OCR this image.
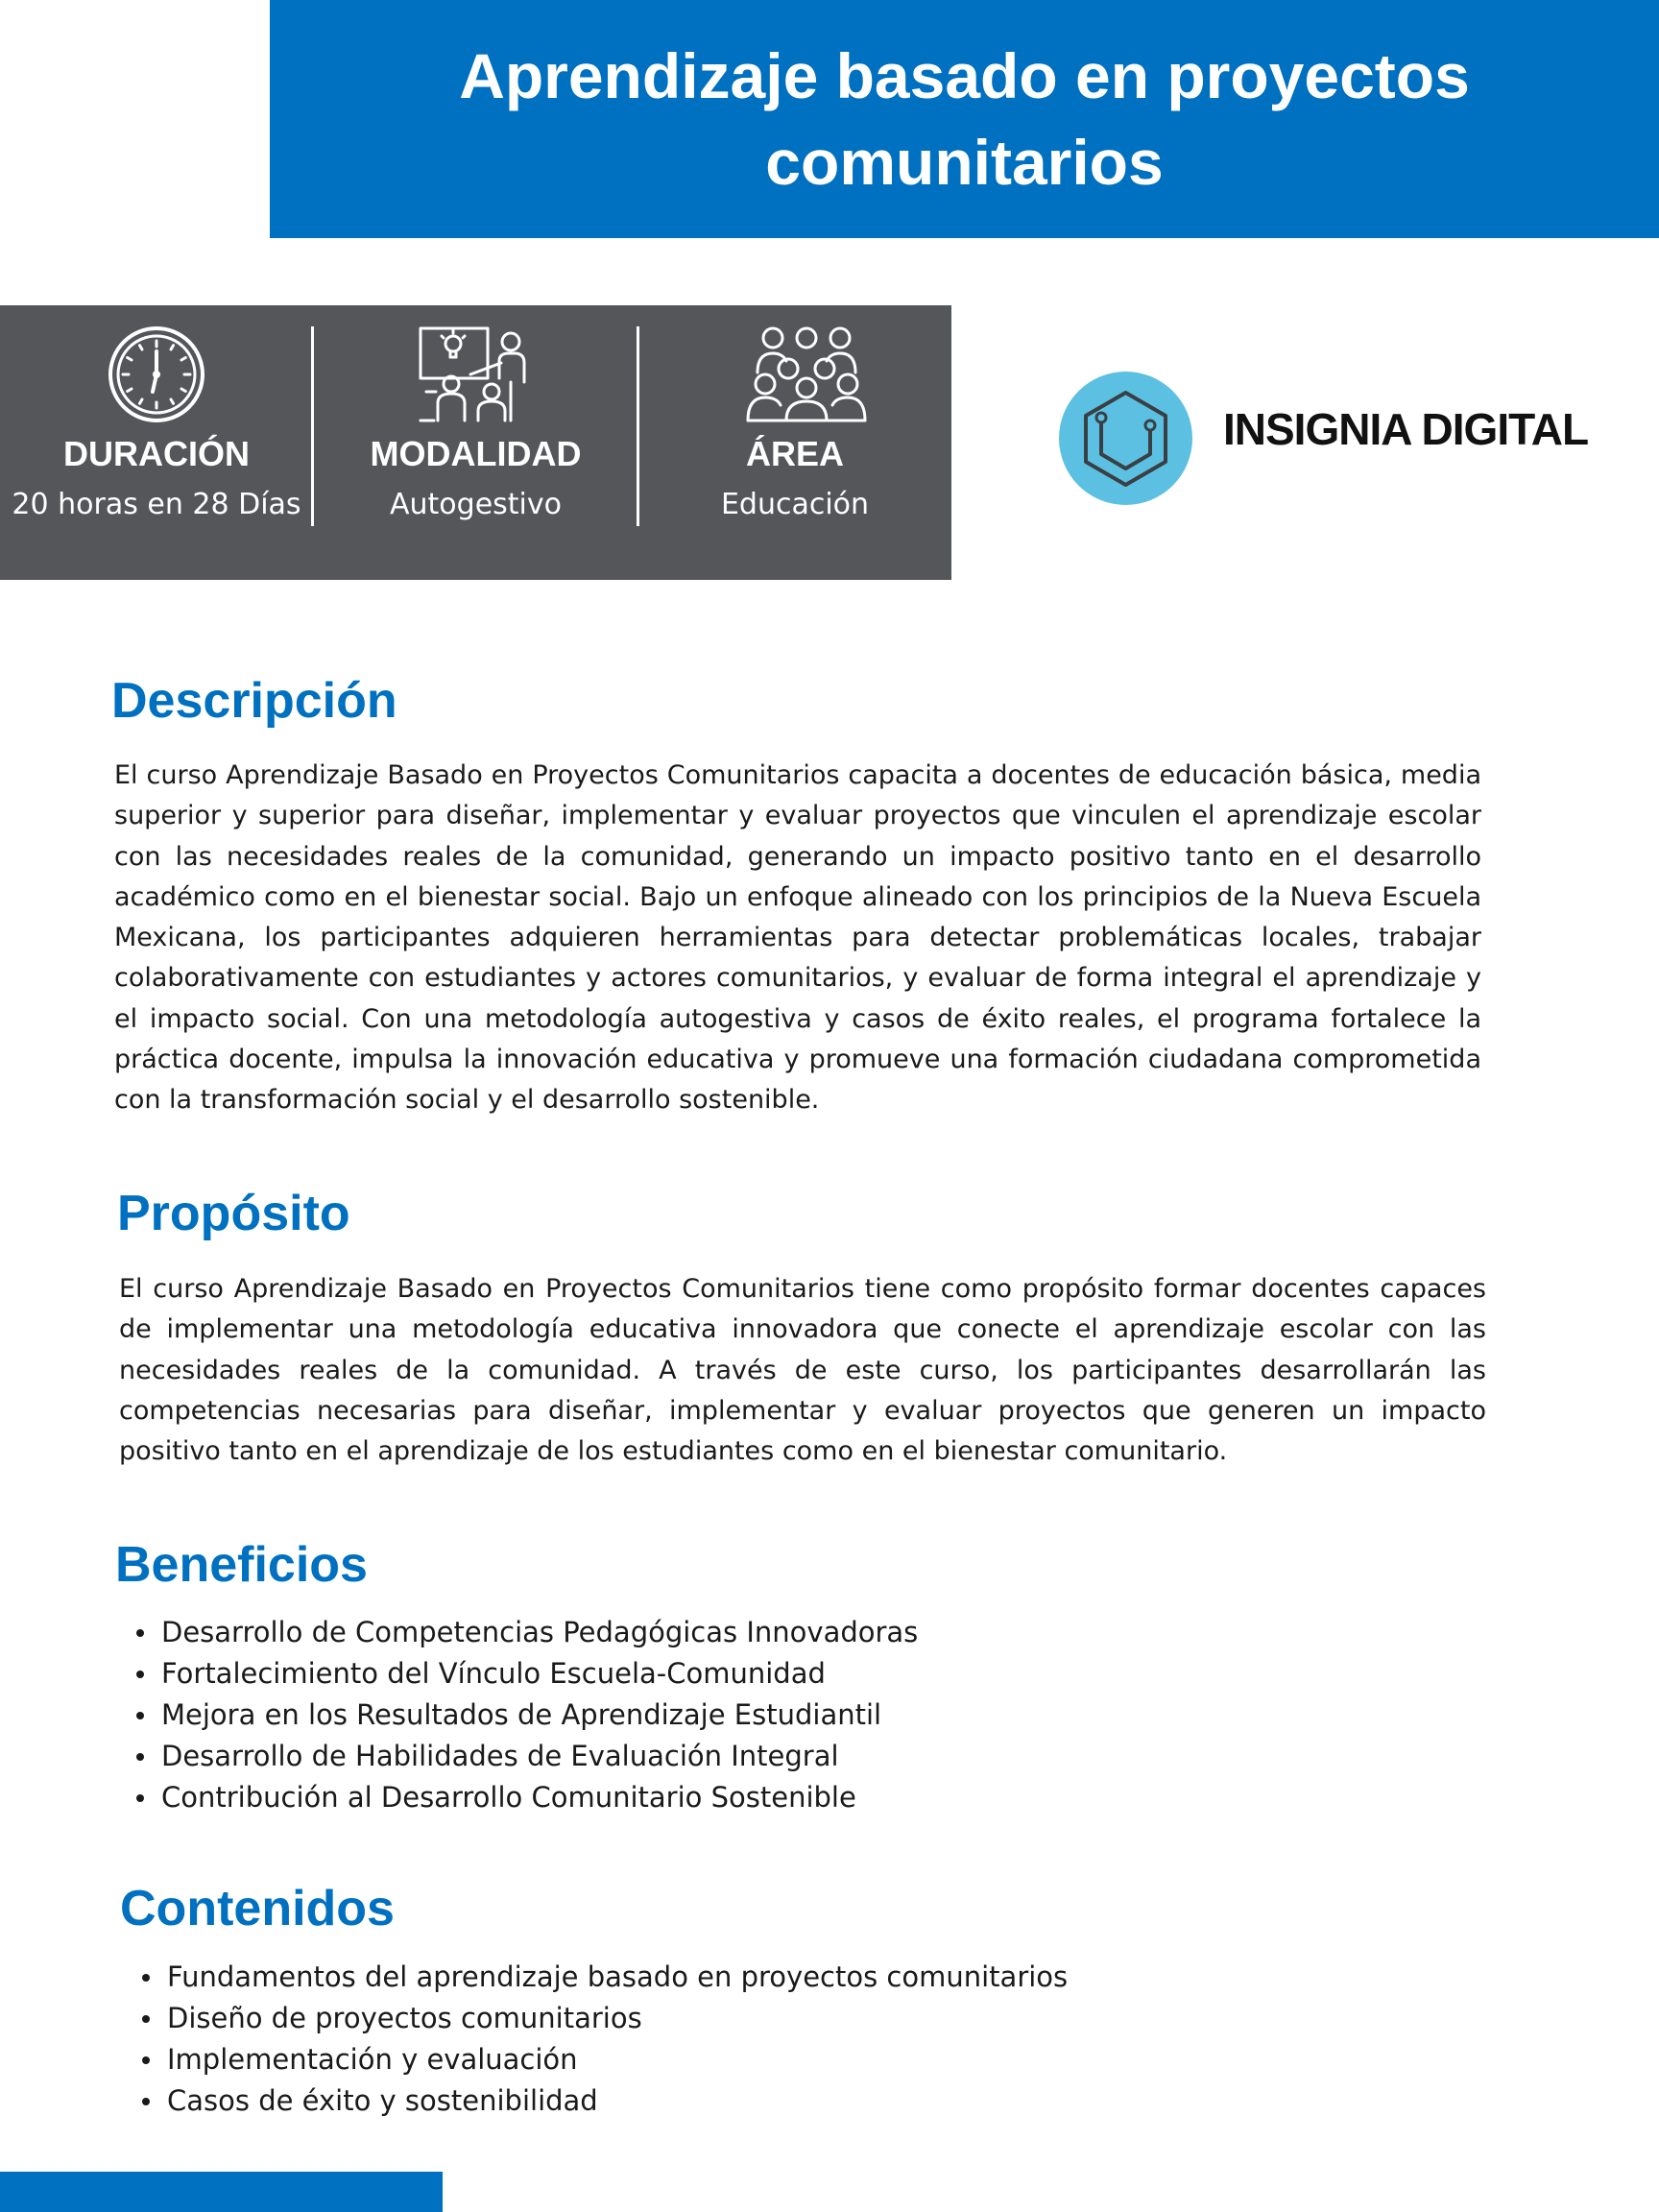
Aprendizaje basado en proyectos
comunitarios
DURACIÓN
20 horas en 28 Días
MODALIDAD
Autogestivo
ÁREA
Educación
INSIGNIA DIGITAL
Descripción
El curso Aprendizaje Basado en Proyectos Comunitarios capacita a docentes de educación básica, media superior y superior para diseñar, implementar y evaluar proyectos que vinculen el aprendizaje escolar con las necesidades reales de la comunidad, generando un impacto positivo tanto en el desarrollo académico como en el bienestar social. Bajo un enfoque alineado con los principios de la Nueva Escuela Mexicana, los participantes adquieren herramientas para detectar problemáticas locales, trabajar colaborativamente con estudiantes y actores comunitarios, y evaluar de forma integral el aprendizaje y el impacto social. Con una metodología autogestiva y casos de éxito reales, el programa fortalece la práctica docente, impulsa la innovación educativa y promueve una formación ciudadana comprometida con la transformación social y el desarrollo sostenible.
Propósito
El curso Aprendizaje Basado en Proyectos Comunitarios tiene como propósito formar docentes capaces de implementar una metodología educativa innovadora que conecte el aprendizaje escolar con las necesidades reales de la comunidad. A través de este curso, los participantes desarrollarán las competencias necesarias para diseñar, implementar y evaluar proyectos que generen un impacto positivo tanto en el aprendizaje de los estudiantes como en el bienestar comunitario.
Beneficios
Desarrollo de Competencias Pedagógicas Innovadoras
Fortalecimiento del Vínculo Escuela-Comunidad
Mejora en los Resultados de Aprendizaje Estudiantil
Desarrollo de Habilidades de Evaluación Integral
Contribución al Desarrollo Comunitario Sostenible
Contenidos
Fundamentos del aprendizaje basado en proyectos comunitarios
Diseño de proyectos comunitarios
Implementación y evaluación
Casos de éxito y sostenibilidad
